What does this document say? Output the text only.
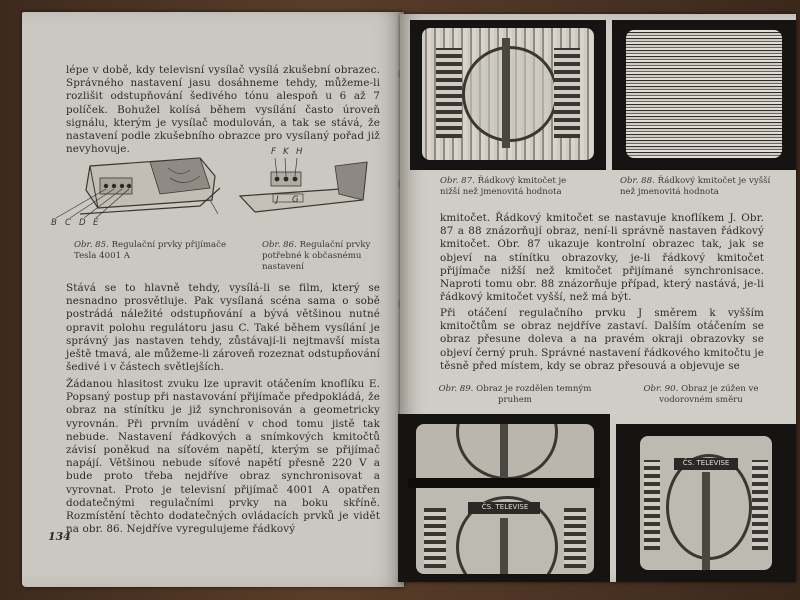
lépe v době, kdy televisní vysílač vysílá zkušební obrazec. Správného nastavení jasu dosáhneme tehdy, můžeme-li rozlišit odstupňování šedivého tónu alespoň u 6 až 7 políček. Bohužel kolísá během vysílání často úroveň signálu, kterým je vysílač modulován, a tak se stává, že nastavení podle zkušebního obrazce pro vysílaný pořad již nevyhovuje.

B C D E
F K H
J G
Obr. 85. Regulační prvky přijímače Tesla 4001 A
Obr. 86. Regulační prvky potřebné k občasnému nastavení

Stává se to hlavně tehdy, vysílá-li se film, který se nesnadno prosvětluje. Pak vysílaná scéna sama o sobě postrádá náležité odstupňování a bývá většinou nutné opravit polohu regulátoru jasu C. Také během vysílání je správný jas nastaven tehdy, zůstávají-li nejtmavší místa ještě tmavá, ale můžeme-li zároveň rozeznat odstupňování šedivé i v částech světlejších.

Žádanou hlasitost zvuku lze upravit otáčením knoflíku E. Popsaný postup při nastavování přijímače předpokládá, že obraz na stínítku je již synchronisován a geometricky vyrovnán. Při prvním uvádění v chod tomu jistě tak nebude. Nastavení řádkových a snímkových kmitočtů závisí poněkud na síťovém napětí, kterým se přijímač napájí. Většinou nebude síťové napětí přesně 220 V a bude proto třeba nejdříve obraz synchronisovat a vyrovnat. Proto je televisní přijímač 4001 A opatřen dodatečnými regulačními prvky na boku skříně. Rozmístění těchto dodatečných ovládacích prvků je vidět na obr. 86. Nejdříve vyregulujeme řádkový

134
Obr. 87. Řádkový kmitočet je nižší než jmenovitá hodnota
Obr. 88. Řádkový kmitočet je vyšší než jmenovitá hodnota

kmitočet. Řádkový kmitočet se nastavuje knoflíkem J. Obr. 87 a 88 znázorňují obraz, není-li správně nastaven řádkový kmitočet. Obr. 87 ukazuje kontrolní obrazec tak, jak se objeví na stínítku obrazovky, je-li řádkový kmitočet přijímače nižší než kmitočet přijímané synchronisace. Naproti tomu obr. 88 znázorňuje případ, který nastává, je-li řádkový kmitočet vyšší, než má být.

Při otáčení regulačního prvku J směrem k vyšším kmitočtům se obraz nejdříve zastaví. Dalším otáčením se obraz přesune doleva a na pravém okraji obrazovky se objeví černý pruh. Správné nastavení řádkového kmitočtu je těsně před místem, kdy se obraz přesouvá a objevuje se

Obr. 89. Obraz je rozdělen temným pruhem
Obr. 90. Obraz je zúžen ve vodorovném směru
ČS. TELEVISE
ČS. TELEVISE
